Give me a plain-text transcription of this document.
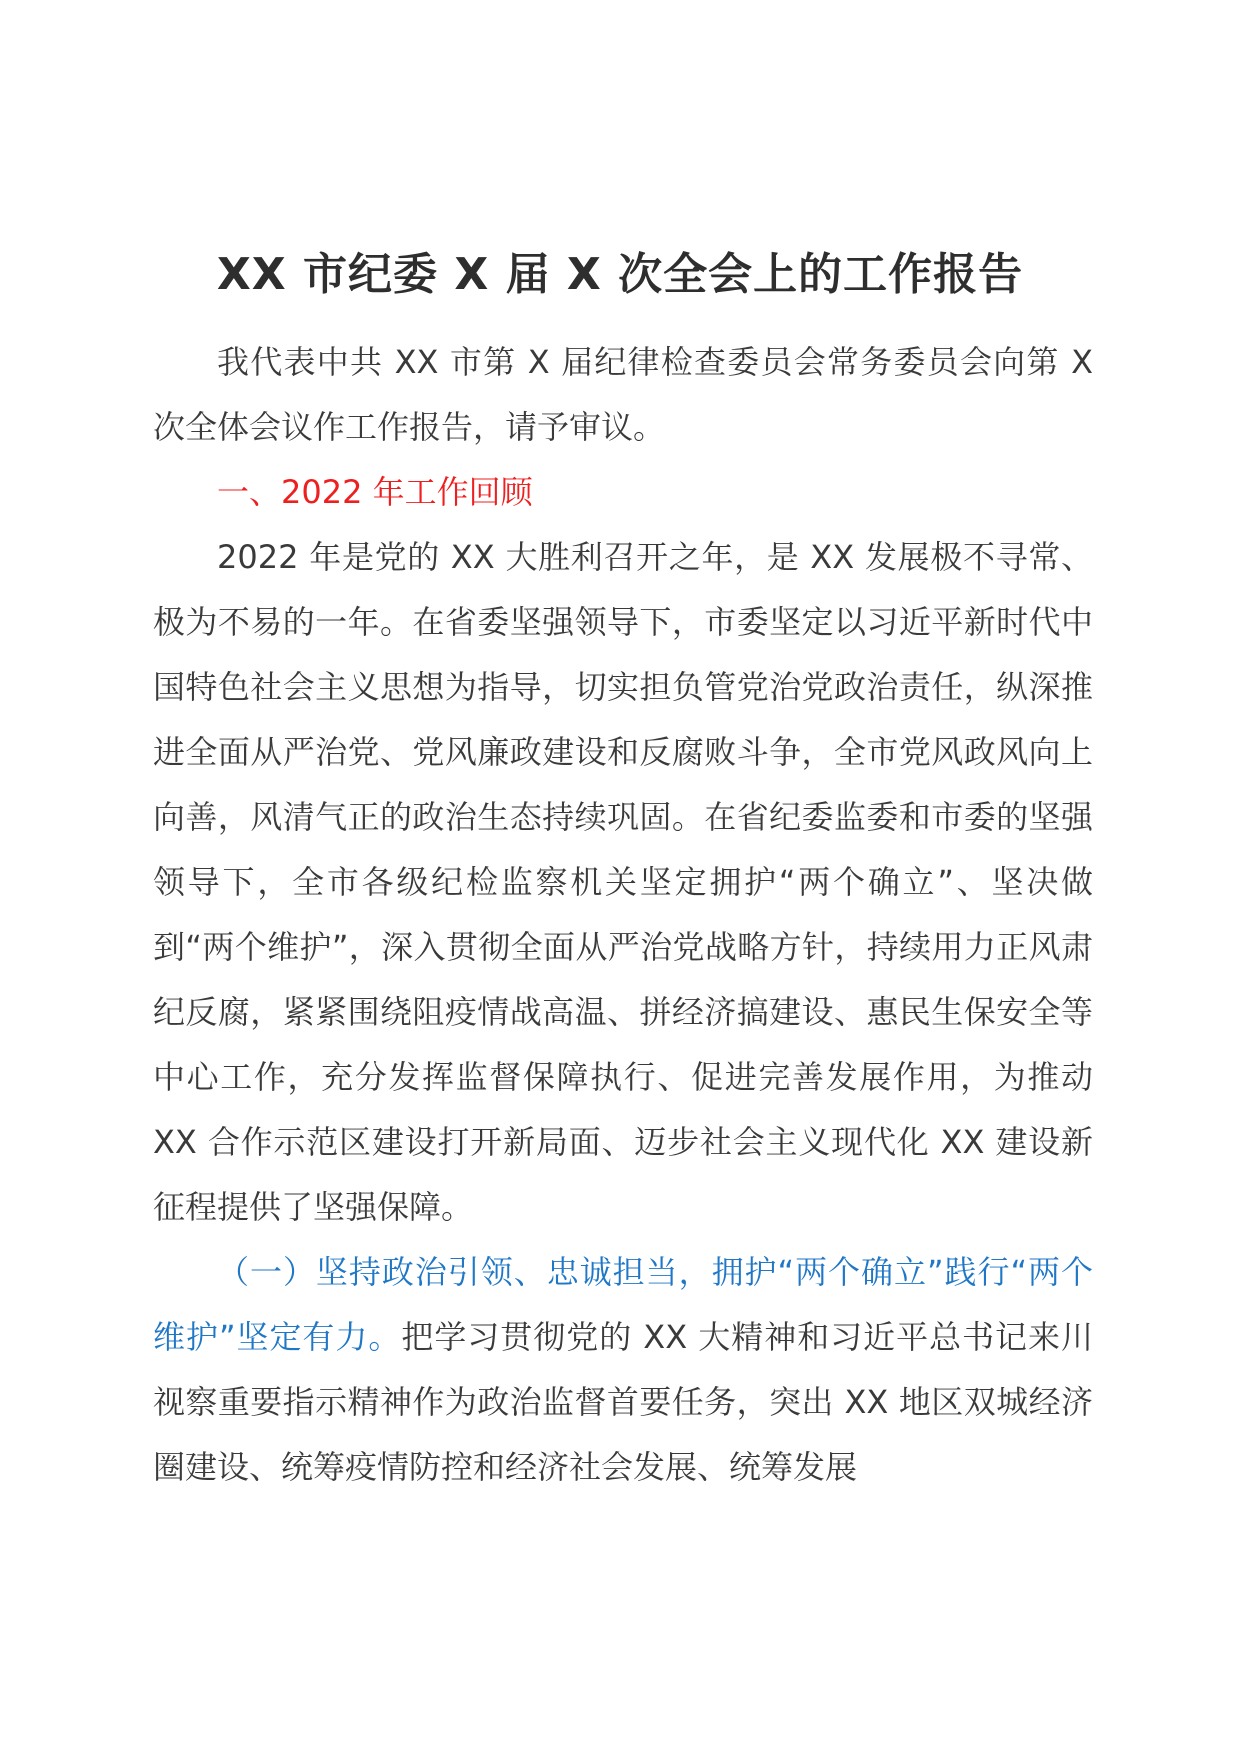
XX 市纪委 X 届 X 次全会上的工作报告

我代表中共 XX 市第 X 届纪律检查委员会常务委员会向第 X 次全体会议作工作报告，请予审议。

一、2022 年工作回顾

2022 年是党的 XX 大胜利召开之年，是 XX 发展极不寻常、极为不易的一年。在省委坚强领导下，市委坚定以习近平新时代中国特色社会主义思想为指导，切实担负管党治党政治责任，纵深推进全面从严治党、党风廉政建设和反腐败斗争，全市党风政风向上向善，风清气正的政治生态持续巩固。在省纪委监委和市委的坚强领导下，全市各级纪检监察机关坚定拥护“两个确立”、坚决做到“两个维护”，深入贯彻全面从严治党战略方针，持续用力正风肃纪反腐，紧紧围绕阻疫情战高温、拼经济搞建设、惠民生保安全等中心工作，充分发挥监督保障执行、促进完善发展作用，为推动 XX 合作示范区建设打开新局面、迈步社会主义现代化 XX 建设新征程提供了坚强保障。

（一）坚持政治引领、忠诚担当，拥护“两个确立”践行“两个维护”坚定有力。把学习贯彻党的 XX 大精神和习近平总书记来川视察重要指示精神作为政治监督首要任务，突出 XX 地区双城经济圈建设、统筹疫情防控和经济社会发展、统筹发展
